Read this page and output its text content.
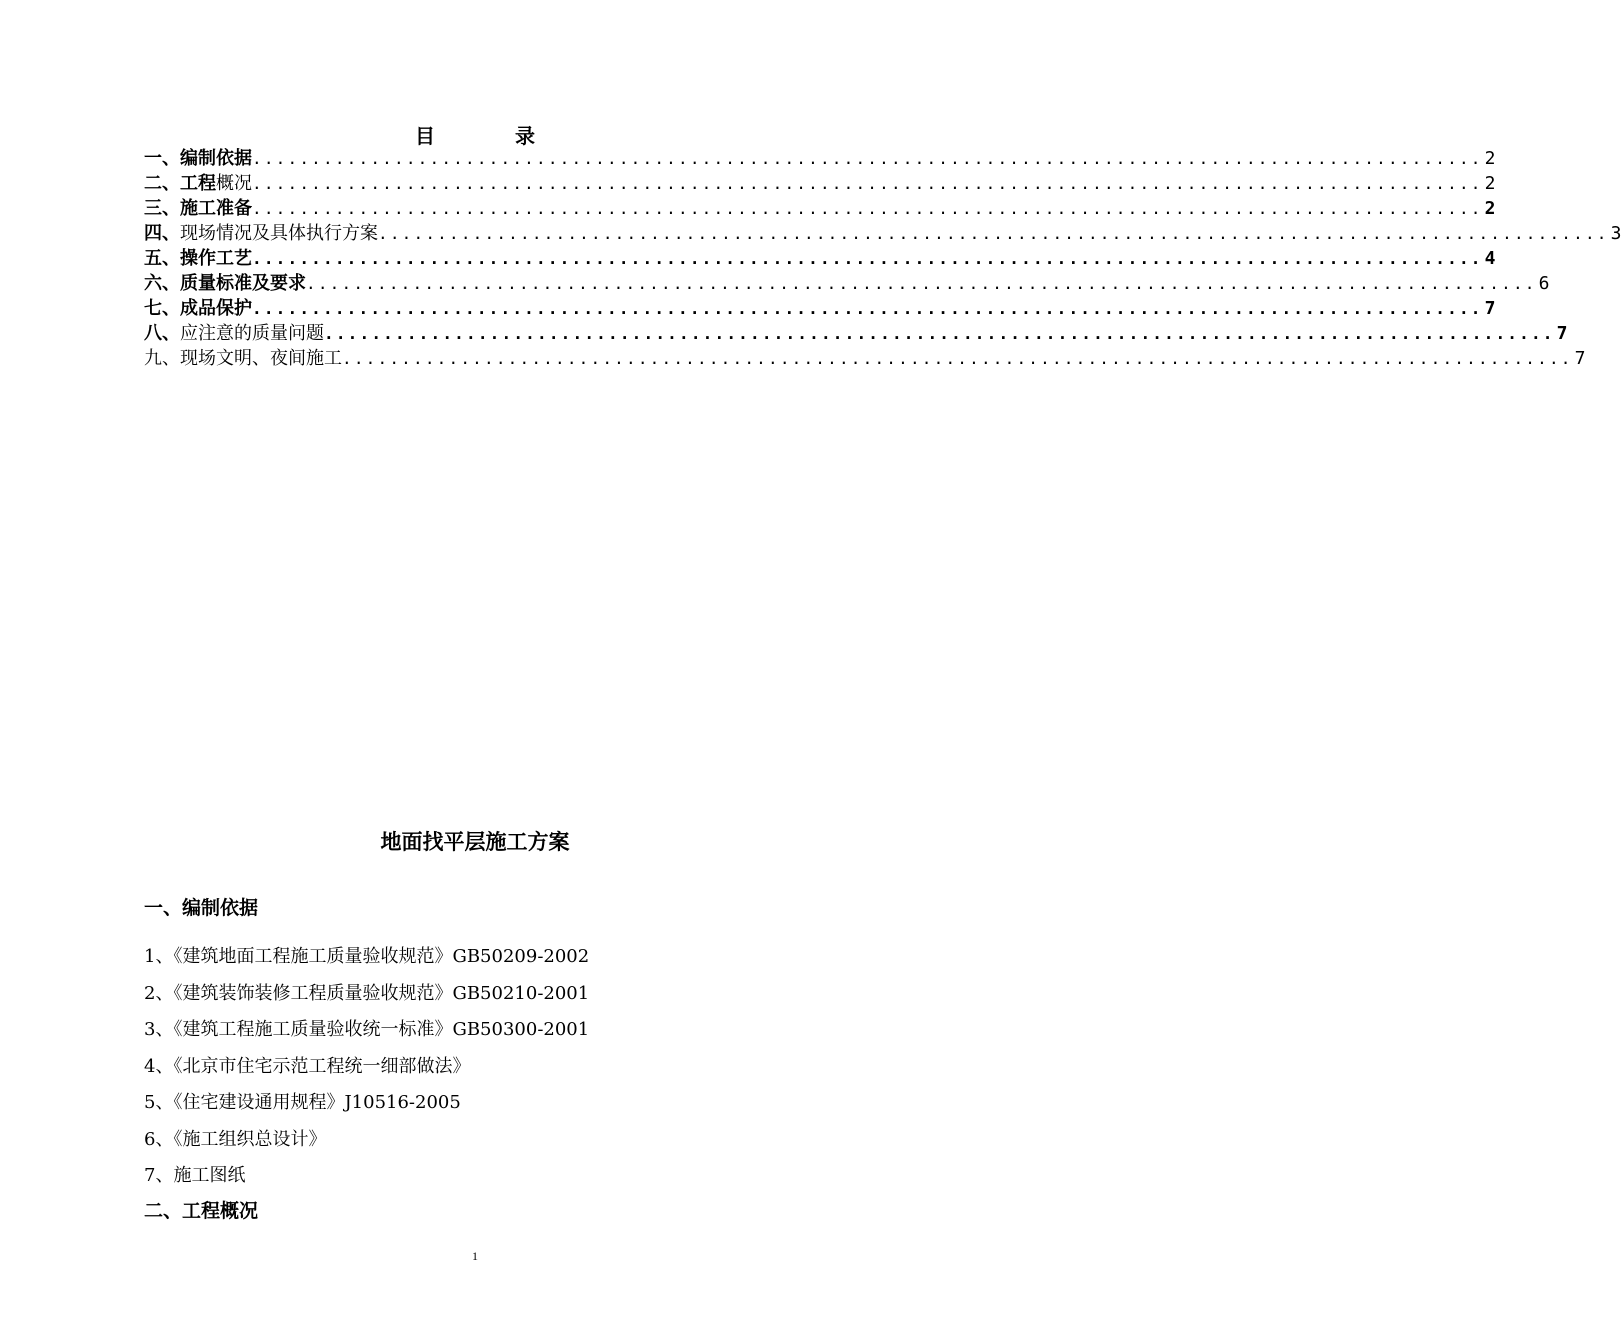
目	录
一、 编制依据 ........................................................................................................ 2
二、 工程 概况 ........................................................................................................ 2
三、 施工准备 ........................................................................................................ 2
四、 现场情况及具体执行方案 ........................................................................................................ 3
五、 操作工艺 ........................................................................................................ 4
六、 质量标准及要求 ........................................................................................................ 6
七、 成品保护 ........................................................................................................ 7
八、 应注意的质量问题 ........................................................................................................ 7
九、 现场文明、夜间施工 ........................................................................................................ 7
地面找平层施工方案
一、编制依据
1、《建筑地面工程施工质量验收规范》GB50209-2002
2、《建筑装饰装修工程质量验收规范》GB50210-2001
3、《建筑工程施工质量验收统一标准》GB50300-2001
4、《北京市住宅示范工程统一细部做法》
5、《住宅建设通用规程》J10516-2005
6、《施工组织总设计》
7、施工图纸
二、工程概况
1
